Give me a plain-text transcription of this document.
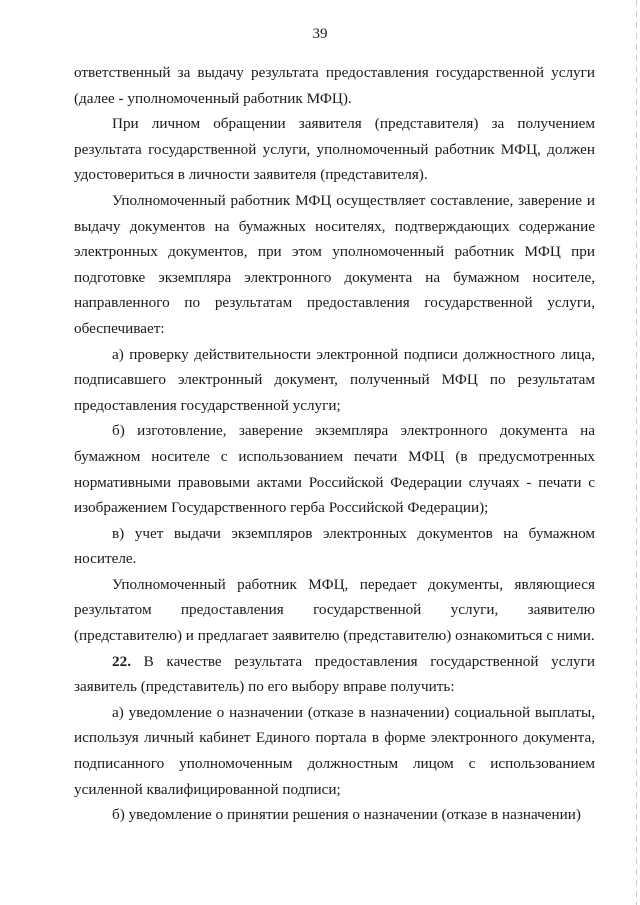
39

ответственный за выдачу результата предоставления государственной услуги (далее - уполномоченный работник МФЦ).

При личном обращении заявителя (представителя) за получением результата государственной услуги, уполномоченный работник МФЦ, должен удостовериться в личности заявителя (представителя).

Уполномоченный работник МФЦ осуществляет составление, заверение и выдачу документов на бумажных носителях, подтверждающих содержание электронных документов, при этом уполномоченный работник МФЦ при подготовке экземпляра электронного документа на бумажном носителе, направленного по результатам предоставления государственной услуги, обеспечивает:

а) проверку действительности электронной подписи должностного лица, подписавшего электронный документ, полученный МФЦ по результатам предоставления государственной услуги;

б) изготовление, заверение экземпляра электронного документа на бумажном носителе с использованием печати МФЦ (в предусмотренных нормативными правовыми актами Российской Федерации случаях - печати с изображением Государственного герба Российской Федерации);

в) учет выдачи экземпляров электронных документов на бумажном носителе.

Уполномоченный работник МФЦ, передает документы, являющиеся результатом предоставления государственной услуги, заявителю (представителю) и предлагает заявителю (представителю) ознакомиться с ними.

22. В качестве результата предоставления государственной услуги заявитель (представитель) по его выбору вправе получить:

а) уведомление о назначении (отказе в назначении) социальной выплаты, используя личный кабинет Единого портала в форме электронного документа, подписанного уполномоченным должностным лицом с использованием усиленной квалифицированной подписи;

б) уведомление о принятии решения о назначении (отказе в назначении)
